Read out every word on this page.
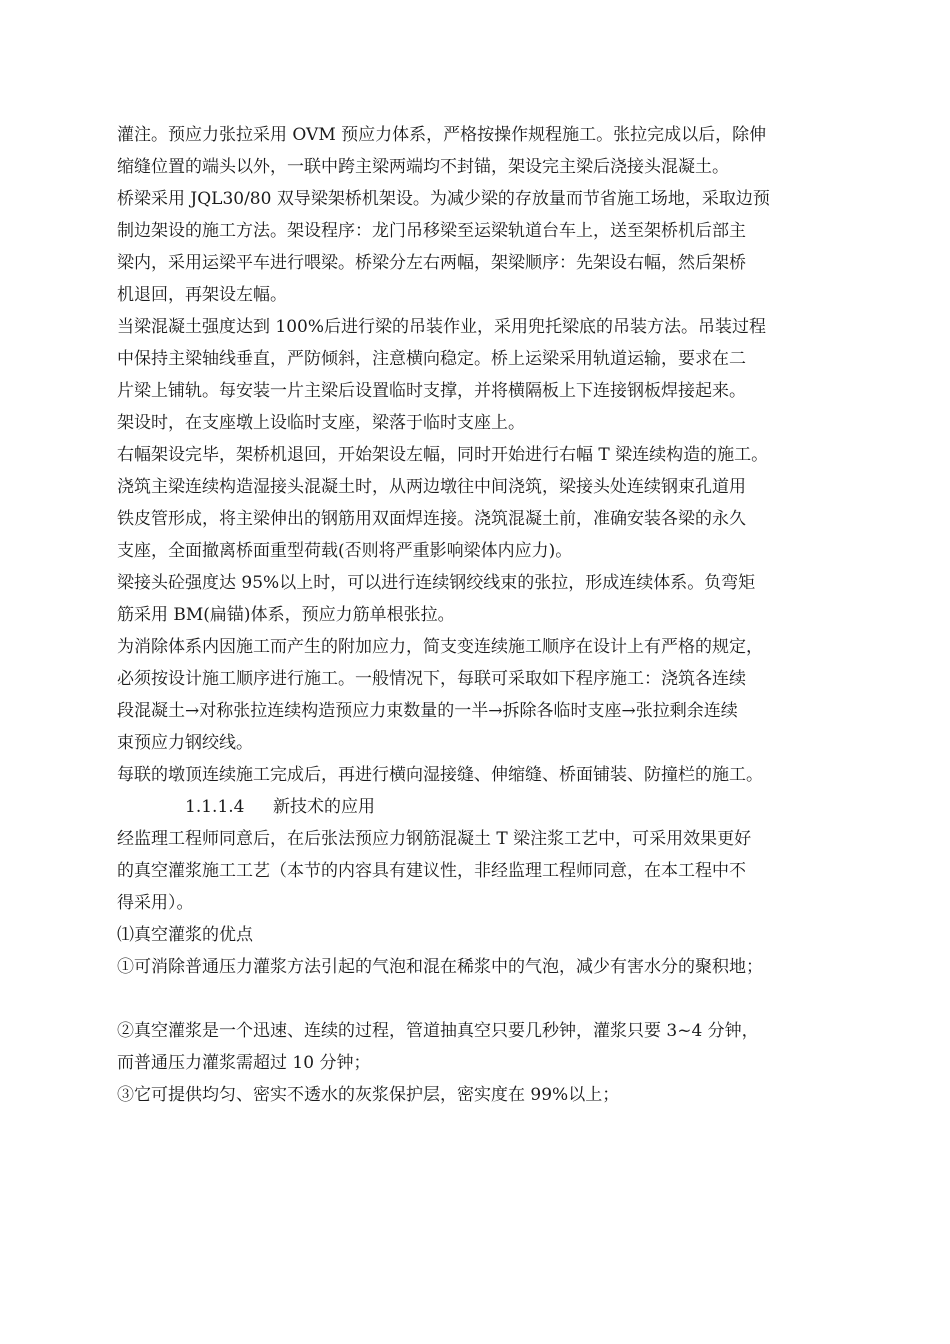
灌注。预应力张拉采用 OVM 预应力体系，严格按操作规程施工。张拉完成以后，除伸
缩缝位置的端头以外，一联中跨主梁两端均不封锚，架设完主梁后浇接头混凝土。

桥梁采用 JQL30/80 双导梁架桥机架设。为减少梁的存放量而节省施工场地，采取边预
制边架设的施工方法。架设程序：龙门吊移梁至运梁轨道台车上，送至架桥机后部主
梁内，采用运梁平车进行喂梁。桥梁分左右两幅，架梁顺序：先架设右幅，然后架桥
机退回，再架设左幅。

当梁混凝土强度达到 100%后进行梁的吊装作业，采用兜托梁底的吊装方法。吊装过程
中保持主梁轴线垂直，严防倾斜，注意横向稳定。桥上运梁采用轨道运输，要求在二
片梁上铺轨。每安装一片主梁后设置临时支撑，并将横隔板上下连接钢板焊接起来。
架设时，在支座墩上设临时支座，梁落于临时支座上。

右幅架设完毕，架桥机退回，开始架设左幅，同时开始进行右幅 T 梁连续构造的施工。
浇筑主梁连续构造湿接头混凝土时，从两边墩往中间浇筑，梁接头处连续钢束孔道用
铁皮管形成，将主梁伸出的钢筋用双面焊连接。浇筑混凝土前，准确安装各梁的永久
支座，全面撤离桥面重型荷载(否则将严重影响梁体内应力)。

梁接头砼强度达 95%以上时，可以进行连续钢绞线束的张拉，形成连续体系。负弯矩
筋采用 BM(扁锚)体系，预应力筋单根张拉。

为消除体系内因施工而产生的附加应力，简支变连续施工顺序在设计上有严格的规定，
必须按设计施工顺序进行施工。一般情况下，每联可采取如下程序施工：浇筑各连续
段混凝土→对称张拉连续构造预应力束数量的一半→拆除各临时支座→张拉剩余连续
束预应力钢绞线。

每联的墩顶连续施工完成后，再进行横向湿接缝、伸缩缝、桥面铺装、防撞栏的施工。

1.1.1.4 新技术的应用

经监理工程师同意后，在后张法预应力钢筋混凝土 T 梁注浆工艺中，可采用效果更好
的真空灌浆施工工艺（本节的内容具有建议性，非经监理工程师同意，在本工程中不
得采用）。

⑴真空灌浆的优点

①可消除普通压力灌浆方法引起的气泡和混在稀浆中的气泡，减少有害水分的聚积地；

②真空灌浆是一个迅速、连续的过程，管道抽真空只要几秒钟，灌浆只要 3~4 分钟，
而普通压力灌浆需超过 10 分钟；

③它可提供均匀、密实不透水的灰浆保护层，密实度在 99%以上；
